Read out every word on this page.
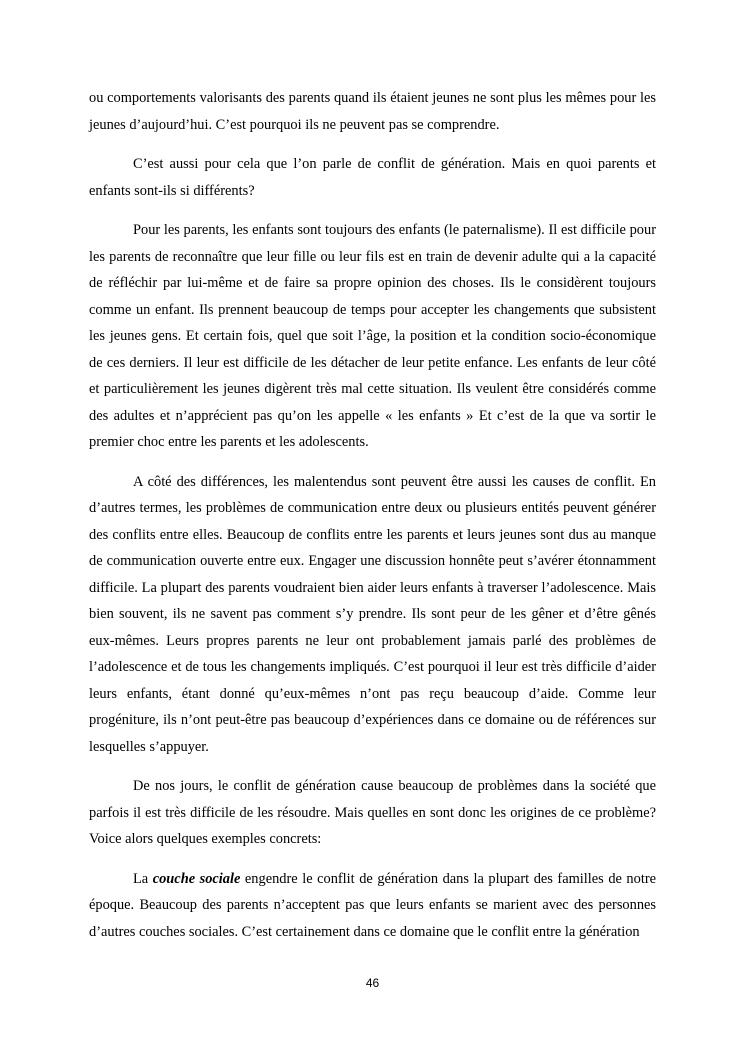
ou comportements valorisants des parents quand ils étaient jeunes ne sont plus les mêmes pour les jeunes d’aujourd’hui. C’est pourquoi ils ne peuvent pas se comprendre.

C’est aussi pour cela que l’on parle de conflit de génération. Mais en quoi parents et enfants sont-ils si différents?

Pour les parents, les enfants sont toujours des enfants (le paternalisme). Il est difficile pour les parents de reconnaître que leur fille ou leur fils est en train de devenir adulte qui a la capacité de réfléchir par lui-même et de faire sa propre opinion des choses. Ils le considèrent toujours comme un enfant. Ils prennent beaucoup de temps pour accepter les changements que subsistent les jeunes gens. Et certain fois, quel que soit l’âge, la position et la condition socio-économique de ces derniers. Il leur est difficile de les détacher de leur petite enfance. Les enfants de leur côté et particulièrement les jeunes digèrent très mal cette situation. Ils veulent être considérés comme des adultes et n’apprécient pas qu’on les appelle « les enfants » Et c’est de la que va sortir le premier choc entre les parents et les adolescents.

A côté des différences, les malentendus sont peuvent être aussi les causes de conflit. En d’autres termes, les problèmes de communication entre deux ou plusieurs entités peuvent générer des conflits entre elles. Beaucoup de conflits entre les parents et leurs jeunes sont dus au manque de communication ouverte entre eux. Engager une discussion honnête peut s’avérer étonnamment difficile. La plupart des parents voudraient bien aider leurs enfants à traverser l’adolescence. Mais bien souvent, ils ne savent pas comment s’y prendre. Ils sont peur de les gêner et d’être gênés eux-mêmes. Leurs propres parents ne leur ont probablement jamais parlé des problèmes de l’adolescence et de tous les changements impliqués. C’est pourquoi il leur est très difficile d’aider leurs enfants, étant donné qu’eux-mêmes n’ont pas reçu beaucoup d’aide. Comme leur progéniture, ils n’ont peut-être pas beaucoup d’expériences dans ce domaine ou de références sur lesquelles s’appuyer.

De nos jours, le conflit de génération cause beaucoup de problèmes dans la société que parfois il est très difficile de les résoudre. Mais quelles en sont donc les origines de ce problème? Voice alors quelques exemples concrets:

La couche sociale engendre le conflit de génération dans la plupart des familles de notre époque. Beaucoup des parents n’acceptent pas que leurs enfants se marient avec des personnes d’autres couches sociales. C’est certainement dans ce domaine que le conflit entre la génération

46
